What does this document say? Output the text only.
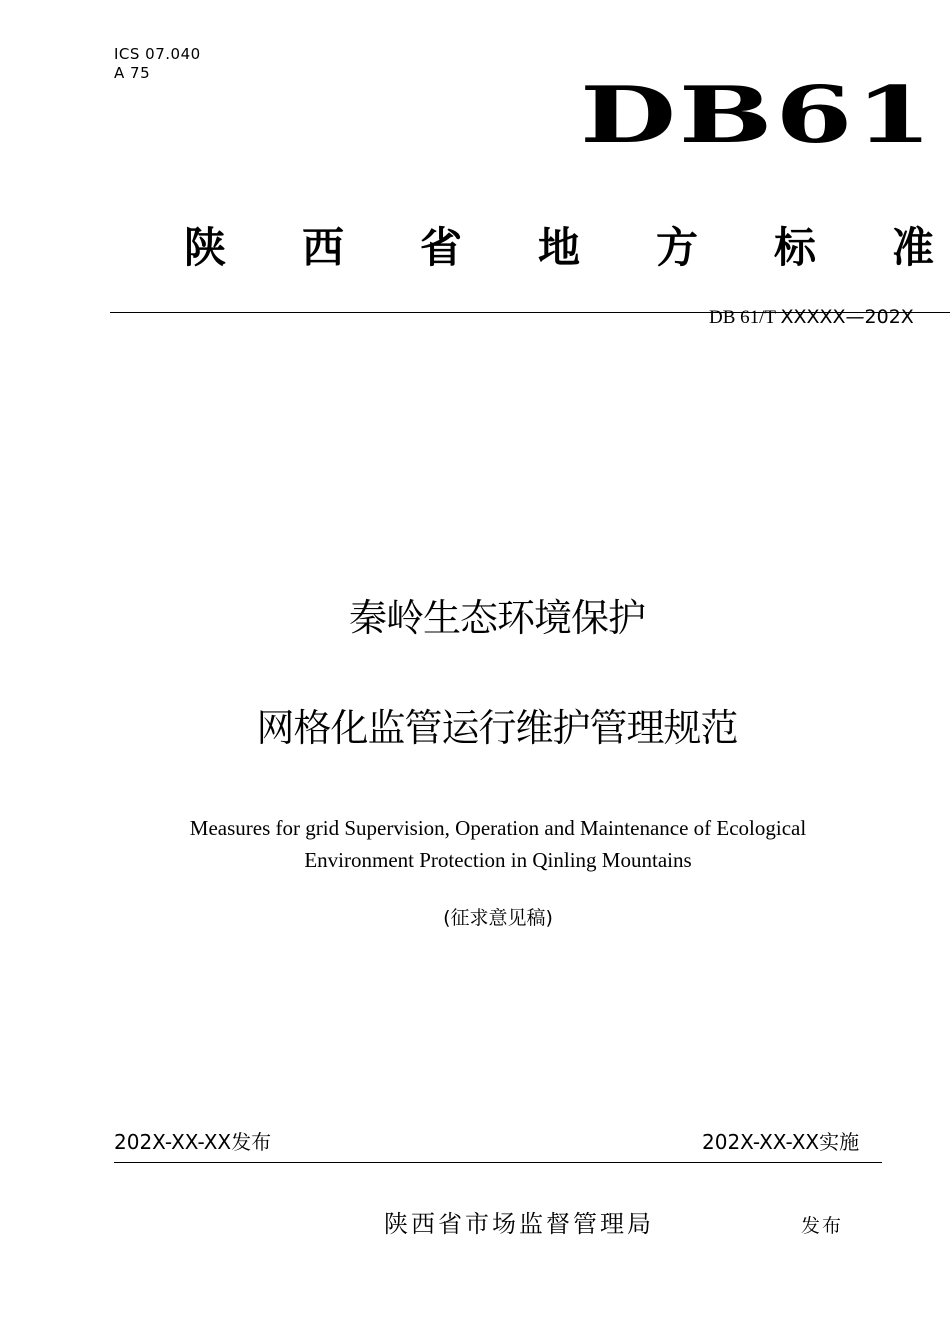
ICS 07.040
A 75	DB61
陕 西 省 地 方 标 准
DB 61/T XXXXX—202X
秦岭生态环境保护
网格化监管运行维护管理规范
Measures for grid Supervision, Operation and Maintenance of Ecological
Environment Protection in Qinling Mountains
(征求意见稿)
202X-XX-XX发布	202X-XX-XX实施
陕西省市场监督管理局	发布
